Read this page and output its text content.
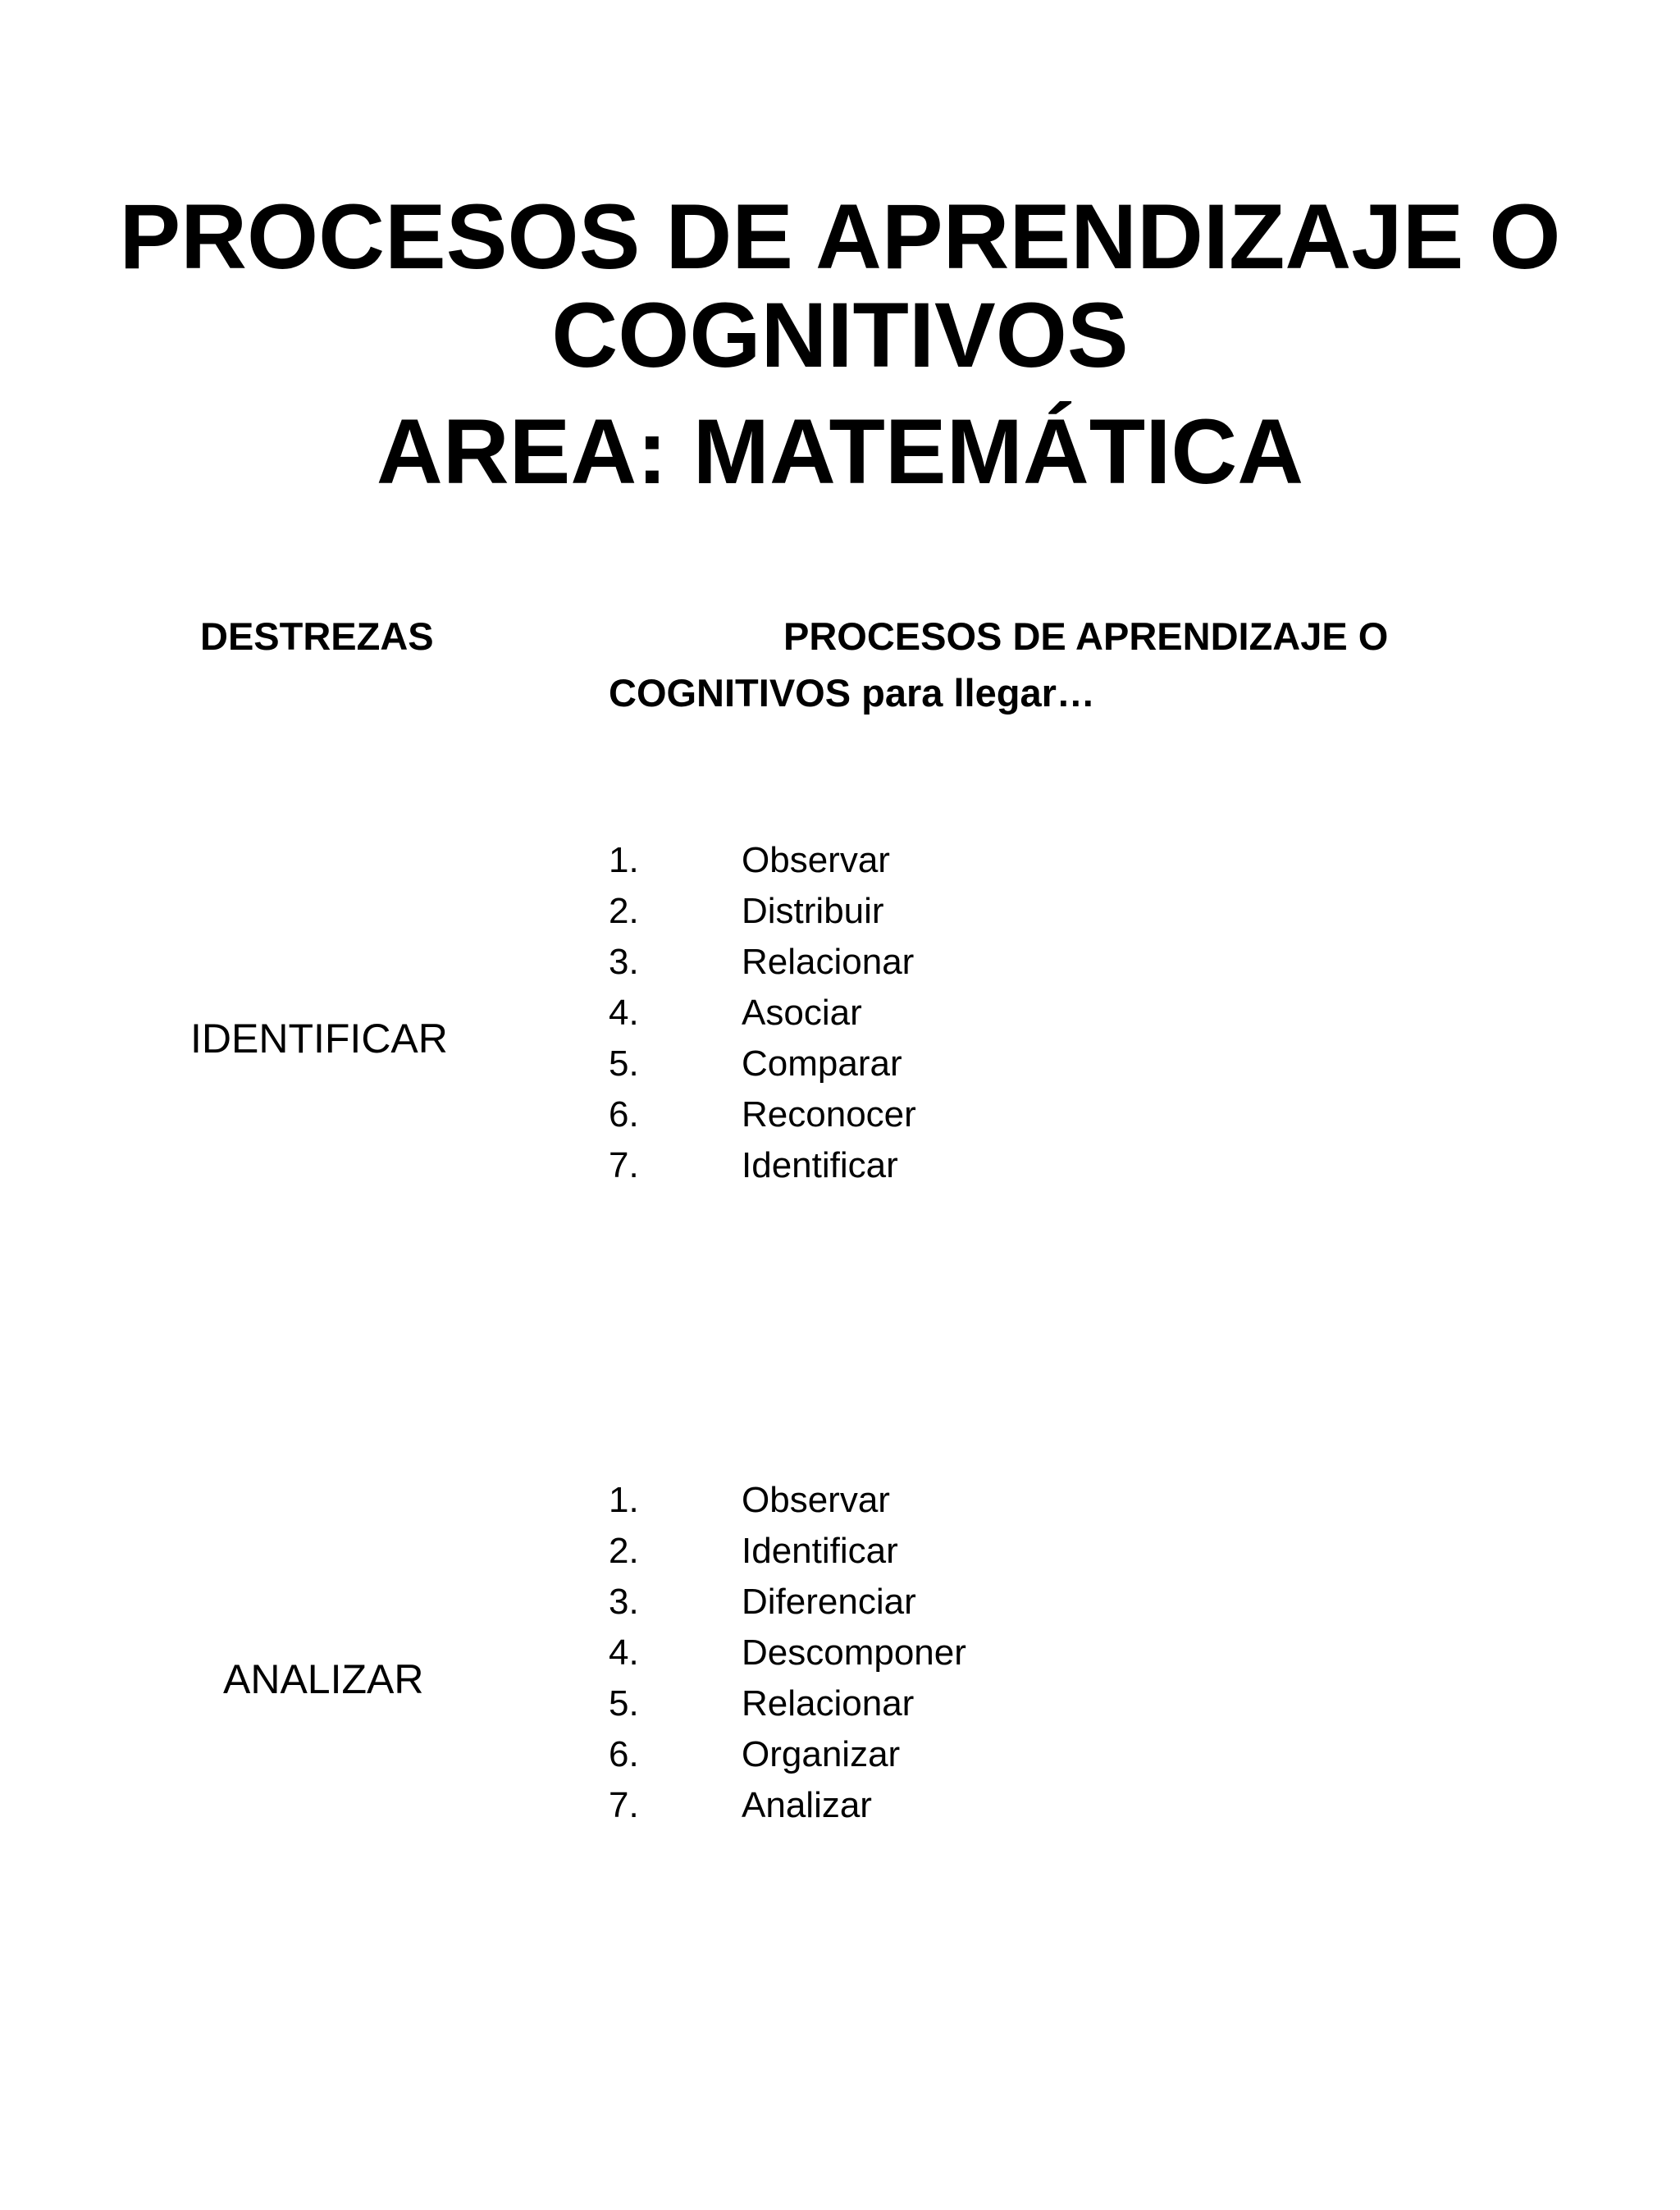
PROCESOS DE APRENDIZAJE O
COGNITIVOS
AREA: MATEMÁTICA
DESTREZAS	PROCESOS DE APRENDIZAJE O
COGNITIVOS para llegar…
IDENTIFICAR
1.	Observar
2.	Distribuir
3.	Relacionar
4.	Asociar
5.	Comparar
6.	Reconocer
7.	Identificar
ANALIZAR
1.	Observar
2.	Identificar
3.	Diferenciar
4.	Descomponer
5.	Relacionar
6.	Organizar
7.	Analizar
